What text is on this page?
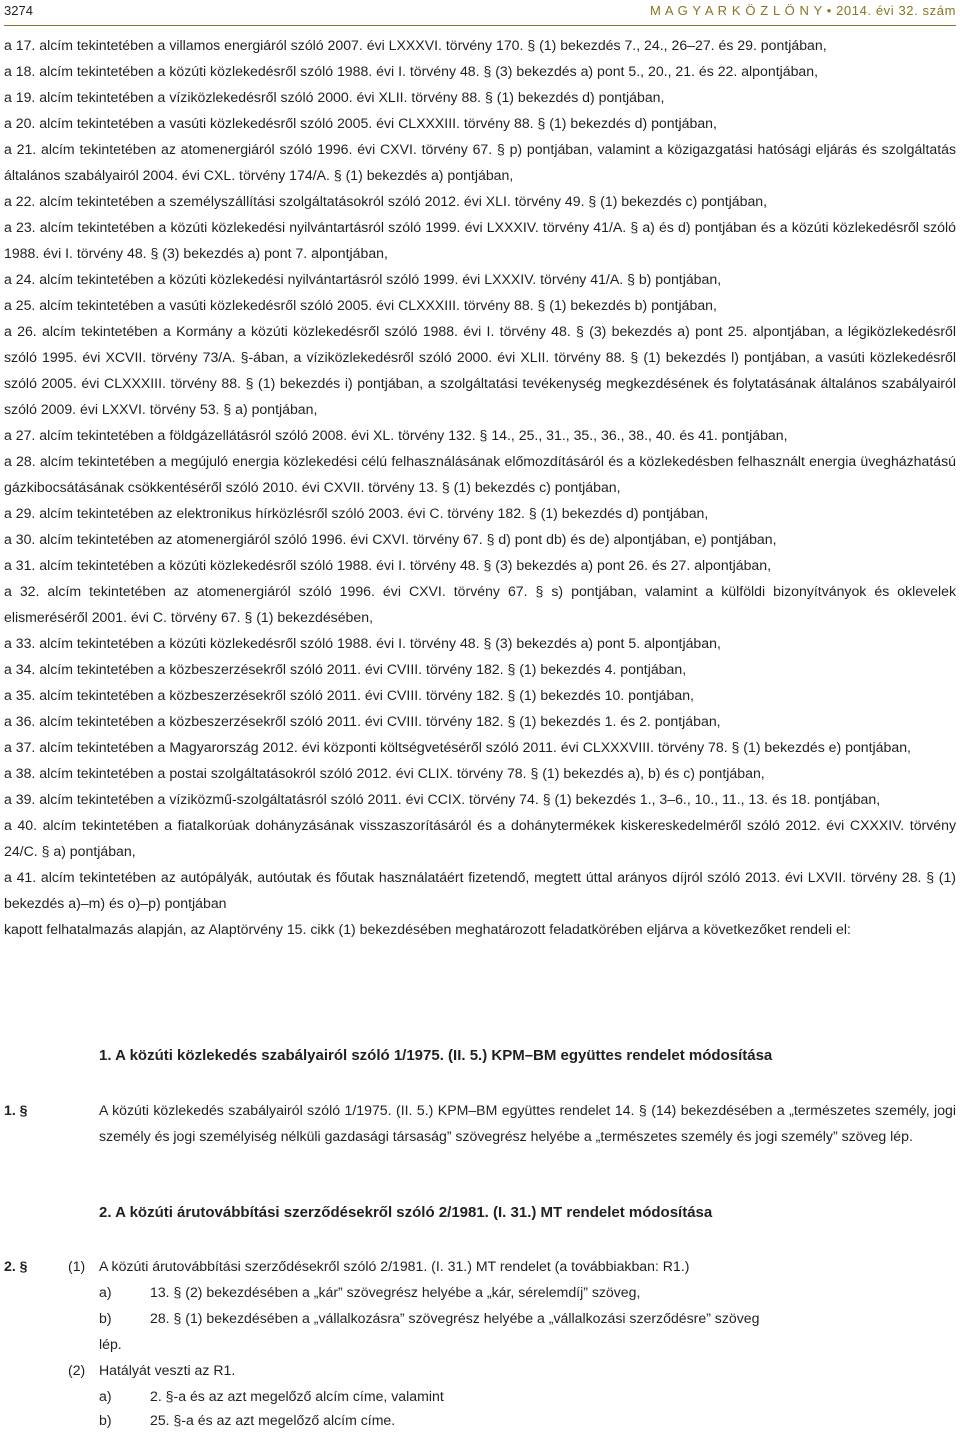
3274	M A G Y A R K Ö Z L Ö N Y • 2014. évi 32. szám

a 17. alcím tekintetében a villamos energiáról szóló 2007. évi LXXXVI. törvény 170. § (1) bekezdés 7., 24., 26–27. és 29. pontjában,

a 18. alcím tekintetében a közúti közlekedésről szóló 1988. évi I. törvény 48. § (3) bekezdés a) pont 5., 20., 21. és 22. alpontjában,

a 19. alcím tekintetében a víziközlekedésről szóló 2000. évi XLII. törvény 88. § (1) bekezdés d) pontjában,

a 20. alcím tekintetében a vasúti közlekedésről szóló 2005. évi CLXXXIII. törvény 88. § (1) bekezdés d) pontjában,

a 21. alcím tekintetében az atomenergiáról szóló 1996. évi CXVI. törvény 67. § p) pontjában, valamint a közigazgatási hatósági eljárás és szolgáltatás általános szabályairól 2004. évi CXL. törvény 174/A. § (1) bekezdés a) pontjában,

a 22. alcím tekintetében a személyszállítási szolgáltatásokról szóló 2012. évi XLI. törvény 49. § (1) bekezdés c) pontjában,

a 23. alcím tekintetében a közúti közlekedési nyilvántartásról szóló 1999. évi LXXXIV. törvény 41/A. § a) és d) pontjában és a közúti közlekedésről szóló 1988. évi I. törvény 48. § (3) bekezdés a) pont 7. alpontjában,

a 24. alcím tekintetében a közúti közlekedési nyilvántartásról szóló 1999. évi LXXXIV. törvény 41/A. § b) pontjában,

a 25. alcím tekintetében a vasúti közlekedésről szóló 2005. évi CLXXXIII. törvény 88. § (1) bekezdés b) pontjában,

a 26. alcím tekintetében a Kormány a közúti közlekedésről szóló 1988. évi I. törvény 48. § (3) bekezdés a) pont 25. alpontjában, a légiközlekedésről szóló 1995. évi XCVII. törvény 73/A. §-ában, a víziközlekedésről szóló 2000. évi XLII. törvény 88. § (1) bekezdés l) pontjában, a vasúti közlekedésről szóló 2005. évi CLXXXIII. törvény 88. § (1) bekezdés i) pontjában, a szolgáltatási tevékenység megkezdésének és folytatásának általános szabályairól szóló 2009. évi LXXVI. törvény 53. § a) pontjában,

a 27. alcím tekintetében a földgázellátásról szóló 2008. évi XL. törvény 132. § 14., 25., 31., 35., 36., 38., 40. és 41. pontjában,

a 28. alcím tekintetében a megújuló energia közlekedési célú felhasználásának előmozdításáról és a közlekedésben felhasznált energia üvegházhatású gázkibocsátásának csökkentéséről szóló 2010. évi CXVII. törvény 13. § (1) bekezdés c) pontjában,

a 29. alcím tekintetében az elektronikus hírközlésről szóló 2003. évi C. törvény 182. § (1) bekezdés d) pontjában,

a 30. alcím tekintetében az atomenergiáról szóló 1996. évi CXVI. törvény 67. § d) pont db) és de) alpontjában, e) pontjában,

a 31. alcím tekintetében a közúti közlekedésről szóló 1988. évi I. törvény 48. § (3) bekezdés a) pont 26. és 27. alpontjában,

a 32. alcím tekintetében az atomenergiáról szóló 1996. évi CXVI. törvény 67. § s) pontjában, valamint a külföldi bizonyítványok és oklevelek elismeréséről 2001. évi C. törvény 67. § (1) bekezdésében,

a 33. alcím tekintetében a közúti közlekedésről szóló 1988. évi I. törvény 48. § (3) bekezdés a) pont 5. alpontjában,

a 34. alcím tekintetében a közbeszerzésekről szóló 2011. évi CVIII. törvény 182. § (1) bekezdés 4. pontjában,

a 35. alcím tekintetében a közbeszerzésekről szóló 2011. évi CVIII. törvény 182. § (1) bekezdés 10. pontjában,

a 36. alcím tekintetében a közbeszerzésekről szóló 2011. évi CVIII. törvény 182. § (1) bekezdés 1. és 2. pontjában,

a 37. alcím tekintetében a Magyarország 2012. évi központi költségvetéséről szóló 2011. évi CLXXXVIII. törvény 78. § (1) bekezdés e) pontjában,

a 38. alcím tekintetében a postai szolgáltatásokról szóló 2012. évi CLIX. törvény 78. § (1) bekezdés a), b) és c) pontjában,

a 39. alcím tekintetében a víziközmű-szolgáltatásról szóló 2011. évi CCIX. törvény 74. § (1) bekezdés 1., 3–6., 10., 11., 13. és 18. pontjában,

a 40. alcím tekintetében a fiatalkorúak dohányzásának visszaszorításáról és a dohánytermékek kiskereskedelméről szóló 2012. évi CXXXIV. törvény 24/C. § a) pontjában,

a 41. alcím tekintetében az autópályák, autóutak és főutak használatáért fizetendő, megtett úttal arányos díjról szóló 2013. évi LXVII. törvény 28. § (1) bekezdés a)–m) és o)–p) pontjában

kapott felhatalmazás alapján, az Alaptörvény 15. cikk (1) bekezdésében meghatározott feladatkörében eljárva a következőket rendeli el:

1. A közúti közlekedés szabályairól szóló 1/1975. (II. 5.) KPM–BM együttes rendelet módosítása
1. §	A közúti közlekedés szabályairól szóló 1/1975. (II. 5.) KPM–BM együttes rendelet 14. § (14) bekezdésében a „természetes személy, jogi személy és jogi személyiség nélküli gazdasági társaság” szövegrész helyébe a „természetes személy és jogi személy” szöveg lép.
2. A közúti árutovábbítási szerződésekről szóló 2/1981. (I. 31.) MT rendelet módosítása
2. §	(1) A közúti árutovábbítási szerződésekről szóló 2/1981. (I. 31.) MT rendelet (a továbbiakban: R1.)
a)	13. § (2) bekezdésében a „kár” szövegrész helyébe a „kár, sérelemdíj” szöveg,
b)	28. § (1) bekezdésében a „vállalkozásra” szövegrész helyébe a „vállalkozási szerződésre” szöveg
lép.
(2) Hatályát veszti az R1.
a)	2. §-a és az azt megelőző alcím címe, valamint
b)	25. §-a és az azt megelőző alcím címe.
